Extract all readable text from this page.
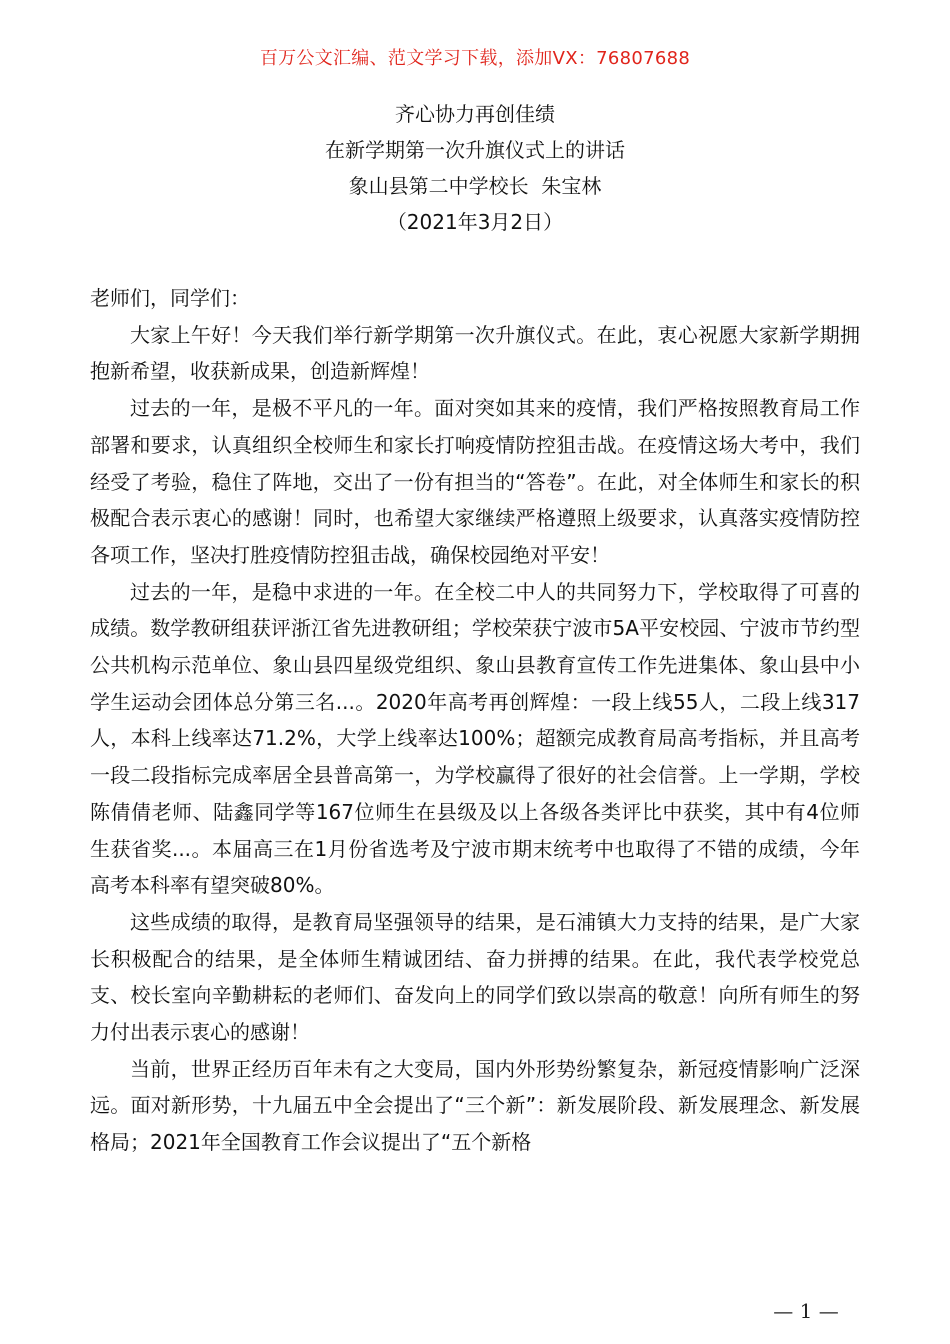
百万公文汇编、范文学习下载，添加VX：76807688
齐心协力再创佳绩
在新学期第一次升旗仪式上的讲话
象山县第二中学校长  朱宝林
（2021年3月2日）

老师们，同学们：

大家上午好！今天我们举行新学期第一次升旗仪式。在此，衷心祝愿大家新学期拥抱新希望，收获新成果，创造新辉煌！

过去的一年，是极不平凡的一年。面对突如其来的疫情，我们严格按照教育局工作部署和要求，认真组织全校师生和家长打响疫情防控狙击战。在疫情这场大考中，我们经受了考验，稳住了阵地，交出了一份有担当的“答卷”。在此，对全体师生和家长的积极配合表示衷心的感谢！同时，也希望大家继续严格遵照上级要求，认真落实疫情防控各项工作，坚决打胜疫情防控狙击战，确保校园绝对平安！

过去的一年，是稳中求进的一年。在全校二中人的共同努力下，学校取得了可喜的成绩。数学教研组获评浙江省先进教研组；学校荣获宁波市5A平安校园、宁波市节约型公共机构示范单位、象山县四星级党组织、象山县教育宣传工作先进集体、象山县中小学生运动会团体总分第三名...。2020年高考再创辉煌：一段上线55人，二段上线317人，本科上线率达71.2%，大学上线率达100%；超额完成教育局高考指标，并且高考一段二段指标完成率居全县普高第一，为学校赢得了很好的社会信誉。上一学期，学校陈倩倩老师、陆鑫同学等167位师生在县级及以上各级各类评比中获奖，其中有4位师生获省奖...。本届高三在1月份省选考及宁波市期末统考中也取得了不错的成绩，今年高考本科率有望突破80%。

这些成绩的取得，是教育局坚强领导的结果，是石浦镇大力支持的结果，是广大家长积极配合的结果，是全体师生精诚团结、奋力拼搏的结果。在此，我代表学校党总支、校长室向辛勤耕耘的老师们、奋发向上的同学们致以崇高的敬意！向所有师生的努力付出表示衷心的感谢！

当前，世界正经历百年未有之大变局，国内外形势纷繁复杂，新冠疫情影响广泛深远。面对新形势，十九届五中全会提出了“三个新”：新发展阶段、新发展理念、新发展格局；2021年全国教育工作会议提出了“五个新格

— 1 —
